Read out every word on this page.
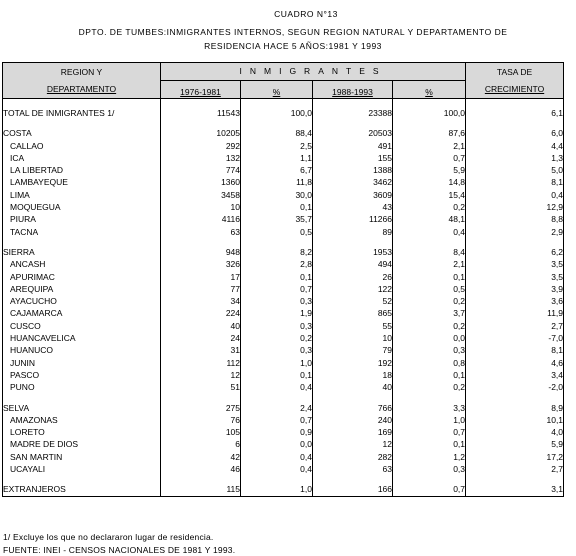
CUADRO N°13
DPTO. DE TUMBES:INMIGRANTES INTERNOS, SEGUN REGION NATURAL Y DEPARTAMENTO DE
RESIDENCIA HACE 5 AÑOS:1981 Y 1993
REGION Y	INMIGRANTES				TASA DE
DEPARTAMENTO	1976-1981	%	1988-1993	%	CRECIMIENTO

TOTAL DE INMIGRANTES 1/	11543	100,0	23388	100,0	6,1

COSTA	10205	88,4	20503	87,6	6,0
CALLAO	292	2,5	491	2,1	4,4
ICA	132	1,1	155	0,7	1,3
LA LIBERTAD	774	6,7	1388	5,9	5,0
LAMBAYEQUE	1360	11,8	3462	14,8	8,1
LIMA	3458	30,0	3609	15,4	0,4
MOQUEGUA	10	0,1	43	0,2	12,9
PIURA	4116	35,7	11266	48,1	8,8
TACNA	63	0,5	89	0,4	2,9

SIERRA	948	8,2	1953	8,4	6,2
ANCASH	326	2,8	494	2,1	3,5
APURIMAC	17	0,1	26	0,1	3,5
AREQUIPA	77	0,7	122	0,5	3,9
AYACUCHO	34	0,3	52	0,2	3,6
CAJAMARCA	224	1,9	865	3,7	11,9
CUSCO	40	0,3	55	0,2	2,7
HUANCAVELICA	24	0,2	10	0,0	-7,0
HUANUCO	31	0,3	79	0,3	8,1
JUNIN	112	1,0	192	0,8	4,6
PASCO	12	0,1	18	0,1	3,4
PUNO	51	0,4	40	0,2	-2,0

SELVA	275	2,4	766	3,3	8,9
AMAZONAS	76	0,7	240	1,0	10,1
LORETO	105	0,9	169	0,7	4,0
MADRE DE DIOS	6	0,0	12	0,1	5,9
SAN MARTIN	42	0,4	282	1,2	17,2
UCAYALI	46	0,4	63	0,3	2,7

EXTRANJEROS	115	1,0	166	0,7	3,1
1/ Excluye los que no declararon lugar de residencia.
FUENTE: INEI - CENSOS NACIONALES DE 1981 Y 1993.
